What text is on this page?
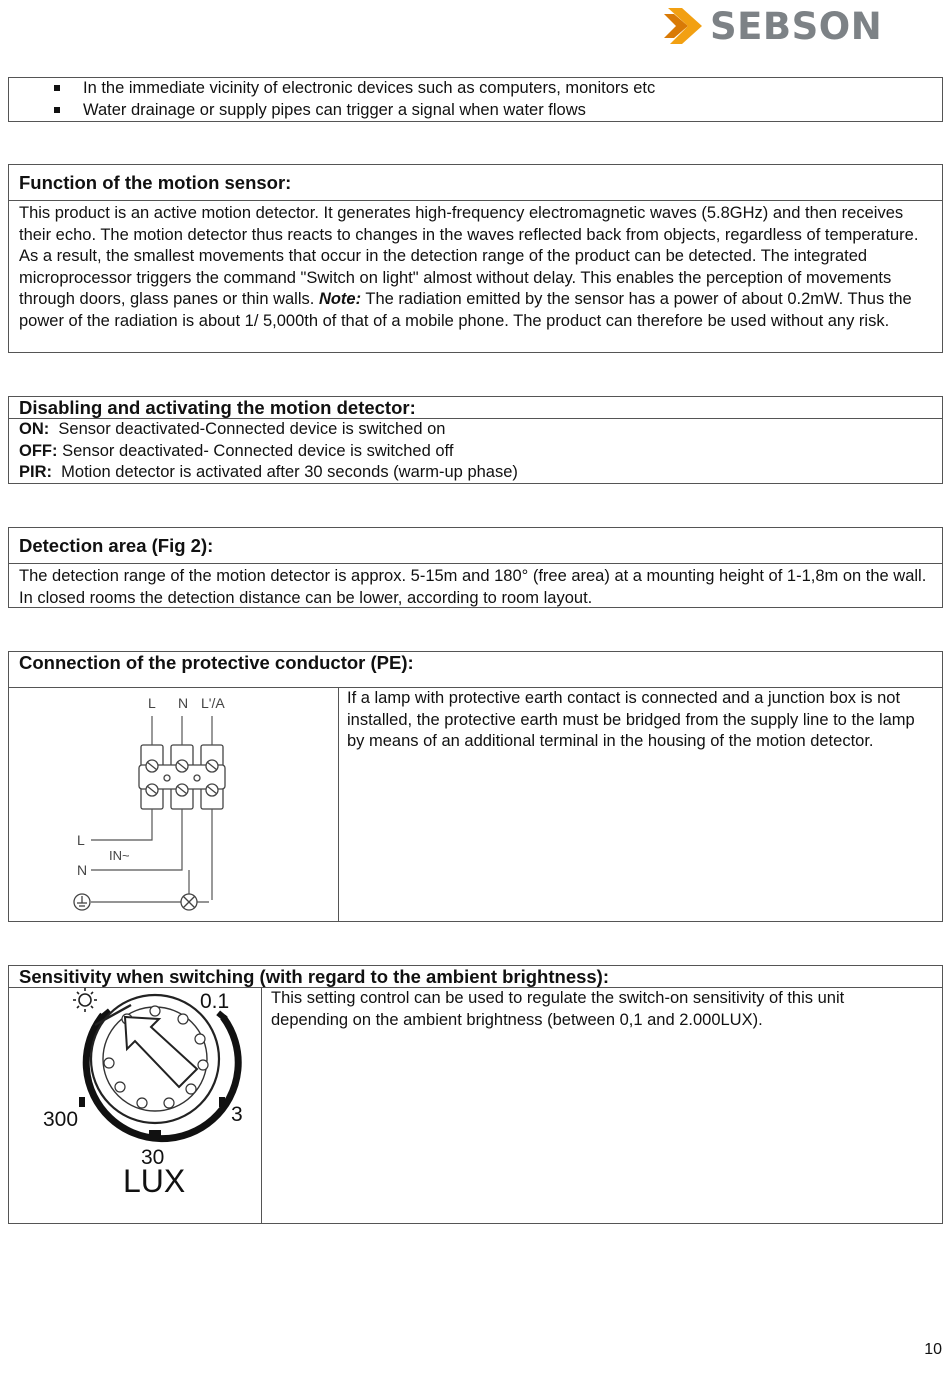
SEBSON
In the immediate vicinity of electronic devices such as computers, monitors etc
Water drainage or supply pipes can trigger a signal when water flows
Function of the motion sensor:
This product is an active motion detector. It generates high-frequency electromagnetic waves (5.8GHz) and then receives their echo. The motion detector thus reacts to changes in the waves reflected back from objects, regardless of temperature. As a result, the smallest movements that occur in the detection range of the product can be detected. The integrated microprocessor triggers the command "Switch on light" almost without delay. This enables the perception of movements through doors, glass panes or thin walls. Note: The radiation emitted by the sensor has a power of about 0.2mW. Thus the power of the radiation is about 1/ 5,000th of that of a mobile phone. The product can therefore be used without any risk.
Disabling and activating the motion detector:
ON:  Sensor deactivated-Connected device is switched on
OFF: Sensor deactivated- Connected device is switched off
PIR:  Motion detector is activated after 30 seconds (warm-up phase)
Detection area (Fig 2):
The detection range of the motion detector is approx. 5-15m and 180° (free area) at a mounting height of 1-1,8m on the wall. In closed rooms the detection distance can be lower, according to room layout.
Connection of the protective conductor (PE):
L N L'/A
L
N
IN~
If a lamp with protective earth contact is connected and a junction box is not installed, the protective earth must be bridged from the supply line to the lamp by means of an additional terminal in the housing of the motion detector.
Sensitivity when switching (with regard to the ambient brightness):
0.1
300	3
30
LUX
This setting control can be used to regulate the switch-on sensitivity of this unit depending on the ambient brightness (between 0,1 and 2.000LUX).
10
